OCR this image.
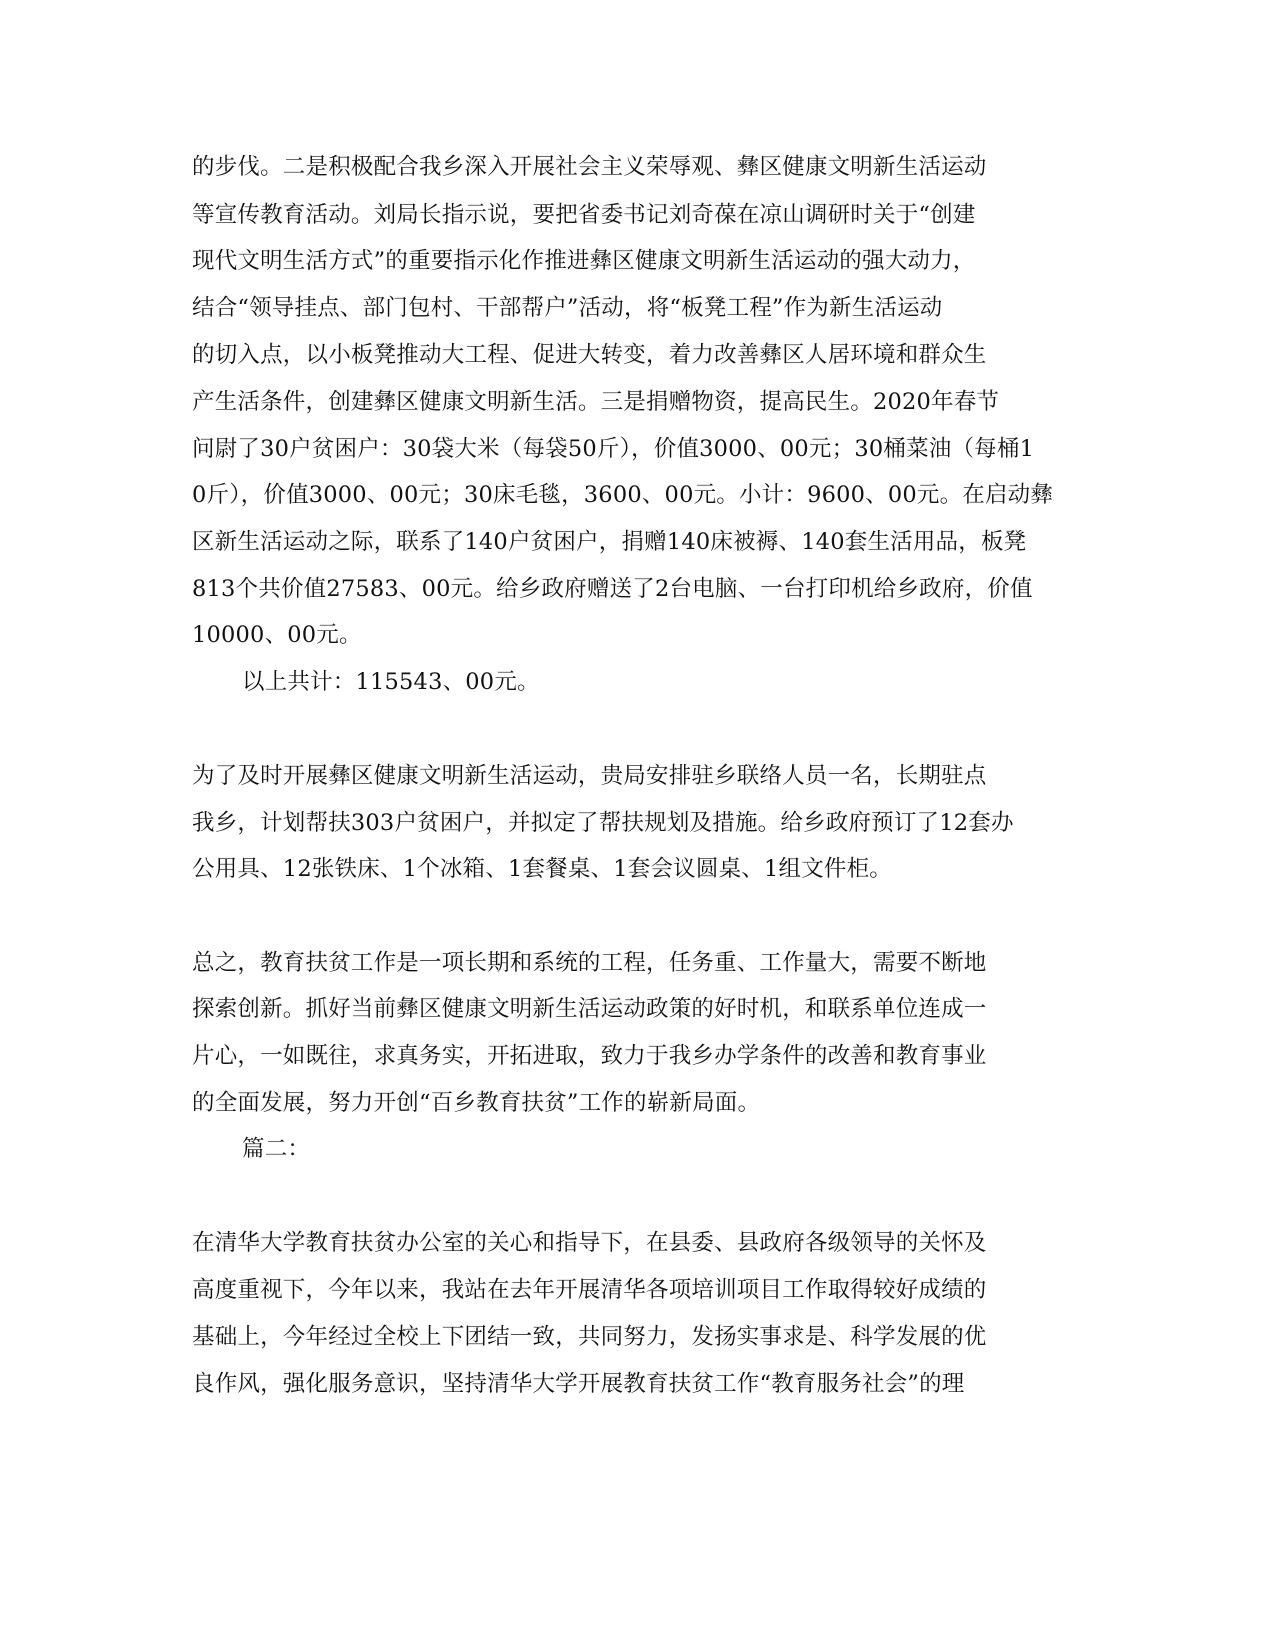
的步伐。二是积极配合我乡深入开展社会主义荣辱观、彝区健康文明新生活运动
等宣传教育活动。刘局长指示说，要把省委书记刘奇葆在凉山调研时关于“创建
现代文明生活方式”的重要指示化作推进彝区健康文明新生活运动的强大动力，
结合“领导挂点、部门包村、干部帮户”活动，将“板凳工程”作为新生活运动
的切入点，以小板凳推动大工程、促进大转变，着力改善彝区人居环境和群众生
产生活条件，创建彝区健康文明新生活。三是捐赠物资，提高民生。2020年春节
问尉了30户贫困户：30袋大米（每袋50斤），价值3000、00元；30桶菜油（每桶1
0斤），价值3000、00元；30床毛毯，3600、00元。小计：9600、00元。在启动彝
区新生活运动之际，联系了140户贫困户，捐赠140床被褥、140套生活用品，板凳
813个共价值27583、00元。给乡政府赠送了2台电脑、一台打印机给乡政府，价值
10000、00元。
以上共计：115543、00元。
为了及时开展彝区健康文明新生活运动，贵局安排驻乡联络人员一名，长期驻点
我乡，计划帮扶303户贫困户，并拟定了帮扶规划及措施。给乡政府预订了12套办
公用具、12张铁床、1个冰箱、1套餐桌、1套会议圆桌、1组文件柜。
总之，教育扶贫工作是一项长期和系统的工程，任务重、工作量大，需要不断地
探索创新。抓好当前彝区健康文明新生活运动政策的好时机，和联系单位连成一
片心，一如既往，求真务实，开拓进取，致力于我乡办学条件的改善和教育事业
的全面发展，努力开创“百乡教育扶贫”工作的崭新局面。
篇二：
在清华大学教育扶贫办公室的关心和指导下，在县委、县政府各级领导的关怀及
高度重视下，今年以来，我站在去年开展清华各项培训项目工作取得较好成绩的
基础上，今年经过全校上下团结一致，共同努力，发扬实事求是、科学发展的优
良作风，强化服务意识，坚持清华大学开展教育扶贫工作“教育服务社会”的理
